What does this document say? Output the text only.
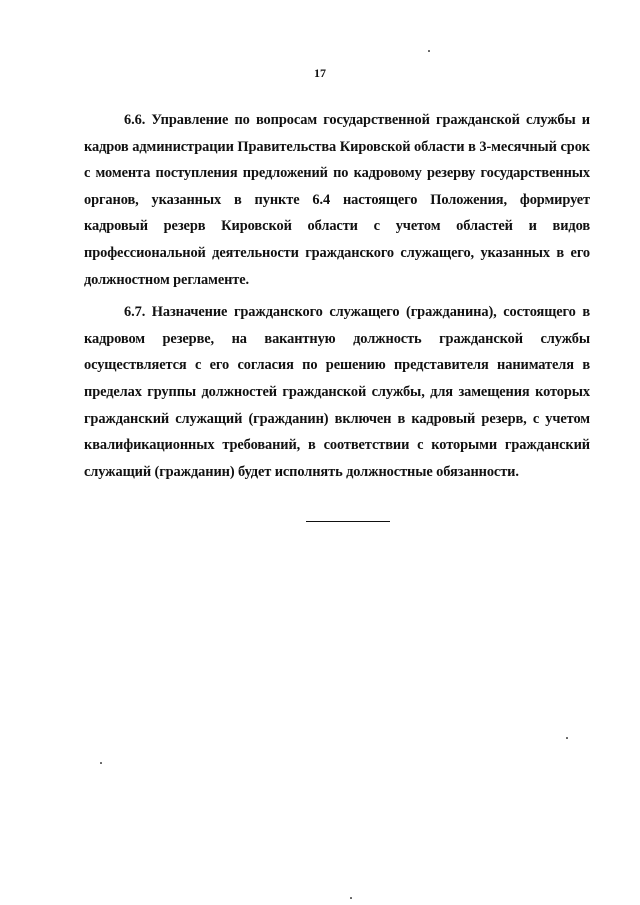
17

6.6. Управление по вопросам государственной гражданской службы и кадров администрации Правительства Кировской области в 3-месячный срок с момента поступления предложений по кадровому резерву государственных органов, указанных в пункте 6.4 настоящего Положения, формирует кадровый резерв Кировской области с учетом областей и видов профессиональной деятельности гражданского служащего, указанных в его должностном регламенте.

6.7. Назначение гражданского служащего (гражданина), состоящего в кадровом резерве, на вакантную должность гражданской службы осуществляется с его согласия по решению представителя нанимателя в пределах группы должностей гражданской службы, для замещения которых гражданский служащий (гражданин) включен в кадровый резерв, с учетом квалификационных требований, в соответствии с которыми гражданский служащий (гражданин) будет исполнять должностные обязанности.
